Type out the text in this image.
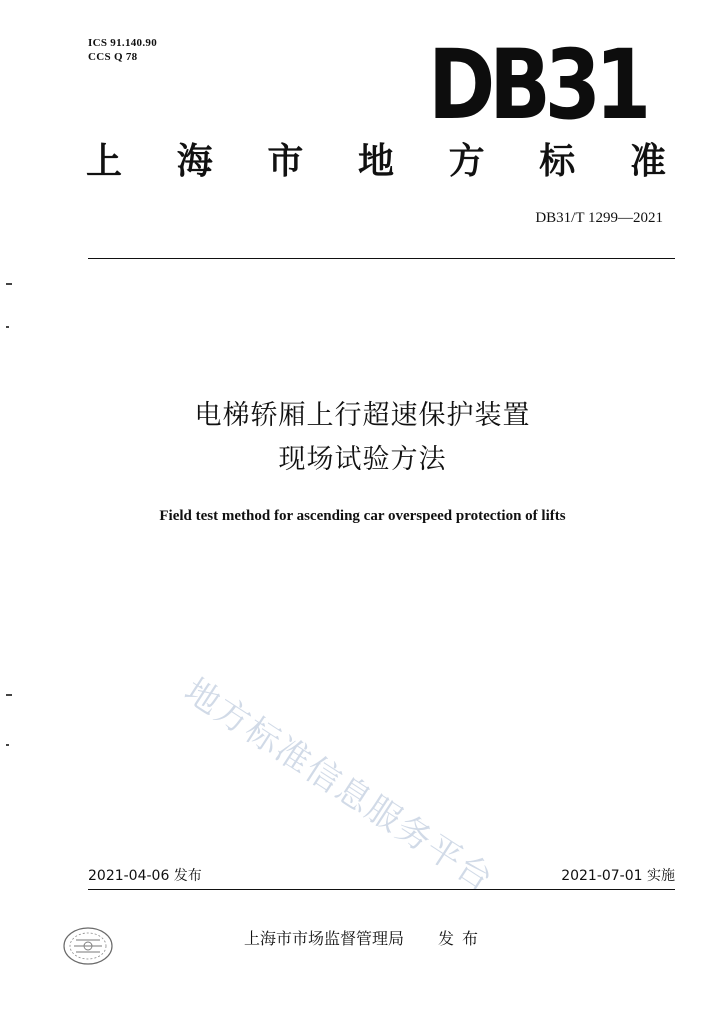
ICS 91.140.90
CCS Q 78	DB31
上 海 市 地 方 标 准
DB31/T 1299—2021
电梯轿厢上行超速保护装置
现场试验方法
Field test method for ascending car overspeed protection of lifts
地方标准信息服务平台
2021-04-06 发布	2021-07-01 实施
上海市市场监督管理局 发布
